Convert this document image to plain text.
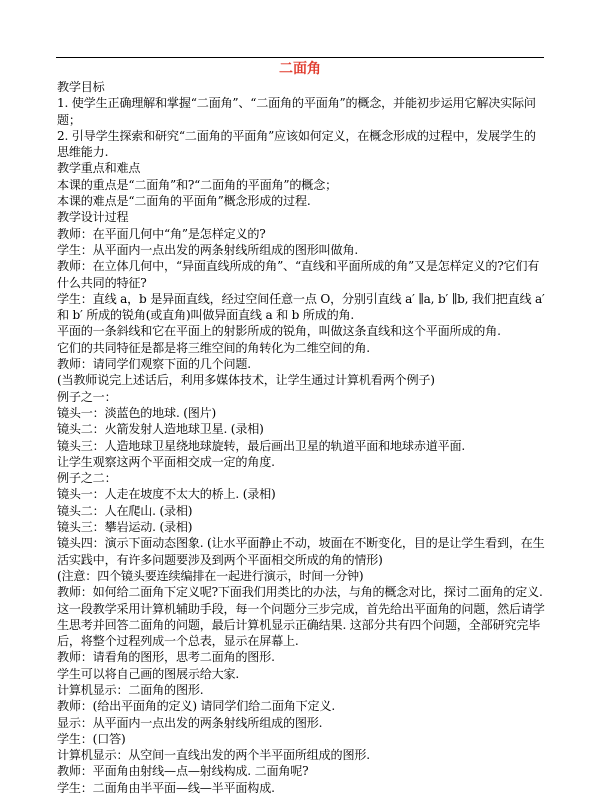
二面角

教学目标

1. 使学生正确理解和掌握“二面角”、“二面角的平面角”的概念，并能初步运用它解决实际问题；

2. 引导学生探索和研究“二面角的平面角”应该如何定义，在概念形成的过程中，发展学生的思维能力.

教学重点和难点

本课的重点是“二面角”和?“二面角的平面角”的概念；

本课的难点是“二面角的平面角”概念形成的过程.

教学设计过程

教师：在平面几何中“角”是怎样定义的?

学生：从平面内一点出发的两条射线所组成的图形叫做角.

教师：在立体几何中，“异面直线所成的角”、“直线和平面所成的角”又是怎样定义的?它们有什么共同的特征?

学生：直线 a，b 是异面直线，经过空间任意一点 O，分别引直线 a′ ∥a, b′ ∥b, 我们把直线 a′ 和 b′ 所成的锐角(或直角)叫做异面直线 a 和 b 所成的角.

平面的一条斜线和它在平面上的射影所成的锐角，叫做这条直线和这个平面所成的角.

它们的共同特征是都是将三维空间的角转化为二维空间的角.

教师：请同学们观察下面的几个问题.

(当教师说完上述话后，利用多媒体技术，让学生通过计算机看两个例子)

例子之一：

镜头一：淡蓝色的地球. (图片)

镜头二：火箭发射人造地球卫星. (录相)

镜头三：人造地球卫星绕地球旋转，最后画出卫星的轨道平面和地球赤道平面.

让学生观察这两个平面相交成一定的角度.

例子之二：

镜头一：人走在坡度不太大的桥上. (录相)

镜头二：人在爬山. (录相)

镜头三：攀岩运动. (录相)

镜头四：演示下面动态图象. (让水平面静止不动，坡面在不断变化，目的是让学生看到，在生活实践中，有许多问题要涉及到两个平面相交所成的角的情形)

(注意：四个镜头要连续编排在一起进行演示，时间一分钟)

教师：如何给二面角下定义呢?下面我们用类比的办法，与角的概念对比，探讨二面角的定义.

这一段教学采用计算机辅助手段，每一个问题分三步完成，首先给出平面角的问题，然后请学生思考并回答二面角的问题，最后计算机显示正确结果. 这部分共有四个问题，全部研究完毕后，将整个过程列成一个总表，显示在屏幕上.

教师：请看角的图形，思考二面角的图形.

学生可以将自己画的图展示给大家.

计算机显示：二面角的图形.

教师：(给出平面角的定义) 请同学们给二面角下定义.

显示：从平面内一点出发的两条射线所组成的图形.

学生：(口答)

计算机显示：从空间一直线出发的两个半平面所组成的图形.

教师：平面角由射线—点—射线构成. 二面角呢?

学生：二面角由半平面—线—半平面构成.
